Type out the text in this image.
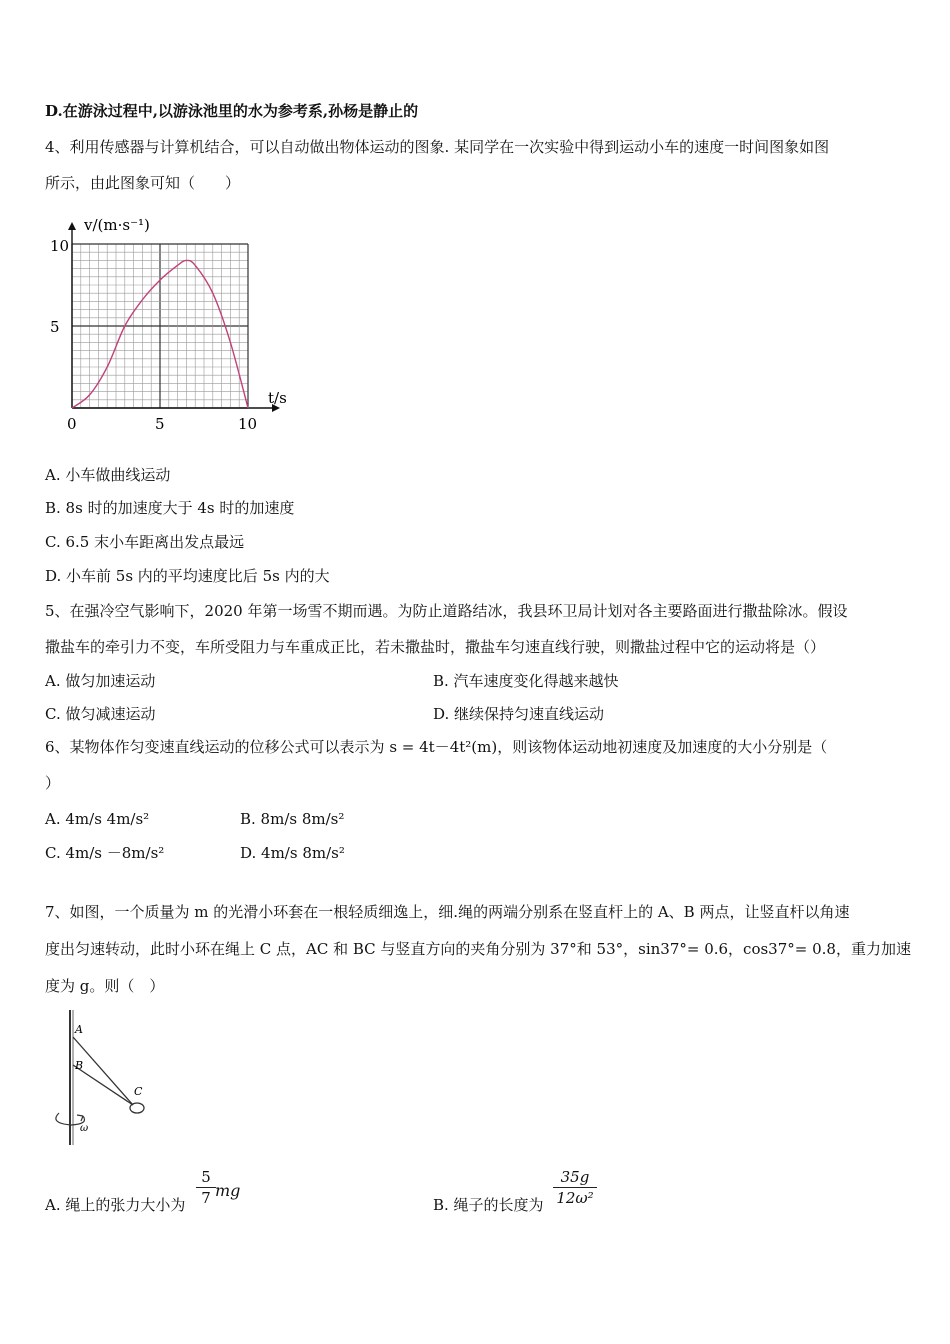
D.在游泳过程中,以游泳池里的水为参考系,孙杨是静止的
4、利用传感器与计算机结合，可以自动做出物体运动的图象. 某同学在一次实验中得到运动小车的速度一时间图象如图
所示，由此图象可知（　　）
v/(m·s⁻¹)
t/s
10
5
0	5	10
A. 小车做曲线运动
B. 8s 时的加速度大于 4s 时的加速度
C. 6.5 末小车距离出发点最远
D. 小车前 5s 内的平均速度比后 5s 内的大
5、在强冷空气影响下，2020 年第一场雪不期而遇。为防止道路结冰，我县环卫局计划对各主要路面进行撒盐除冰。假设
撒盐车的牵引力不变，车所受阻力与车重成正比，若未撒盐时，撒盐车匀速直线行驶，则撒盐过程中它的运动将是（）
A. 做匀加速运动	B. 汽车速度变化得越来越快
C. 做匀减速运动	D. 继续保持匀速直线运动
6、某物体作匀变速直线运动的位移公式可以表示为 s = 4t－4t²(m)，则该物体运动地初速度及加速度的大小分别是（
）
A. 4m/s 4m/s²	B. 8m/s 8m/s²
C. 4m/s －8m/s²	D. 4m/s 8m/s²
7、如图，一个质量为 m 的光滑小环套在一根轻质细逸上，细.绳的两端分别系在竖直杆上的 A、B 两点，让竖直杆以角速
度出匀速转动，此时小环在绳上 C 点，AC 和 BC 与竖直方向的夹角分别为 37°和 53°，sin37°= 0.6，cos37°= 0.8，重力加速
度为 g。则（　）
A
B
C
ω
A. 绳上的张力大小为 $\frac{5}{7}$ mg
B. 绳子的长度为 $\frac{35g}{\text{12ω²}}$
